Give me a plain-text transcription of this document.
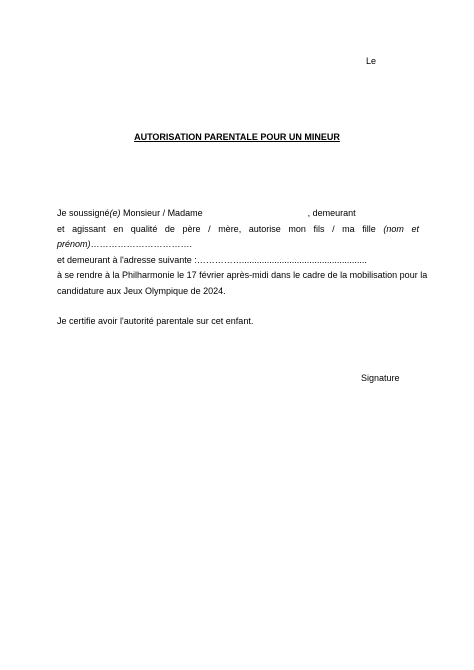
Le
AUTORISATION PARENTALE POUR UN MINEUR
Je soussigné(e) Monsieur / Madame	, demeurant
et agissant en qualité de père / mère, autorise mon fils / ma fille (nom et
prénom)…………………………….
et demeurant à l'adresse suivante :……………..................................................
à se rendre à la Philharmonie le 17 février après-midi dans le cadre de la mobilisation pour la
candidature aux Jeux Olympique de 2024.
Je certifie avoir l'autorité parentale sur cet enfant.
Signature
